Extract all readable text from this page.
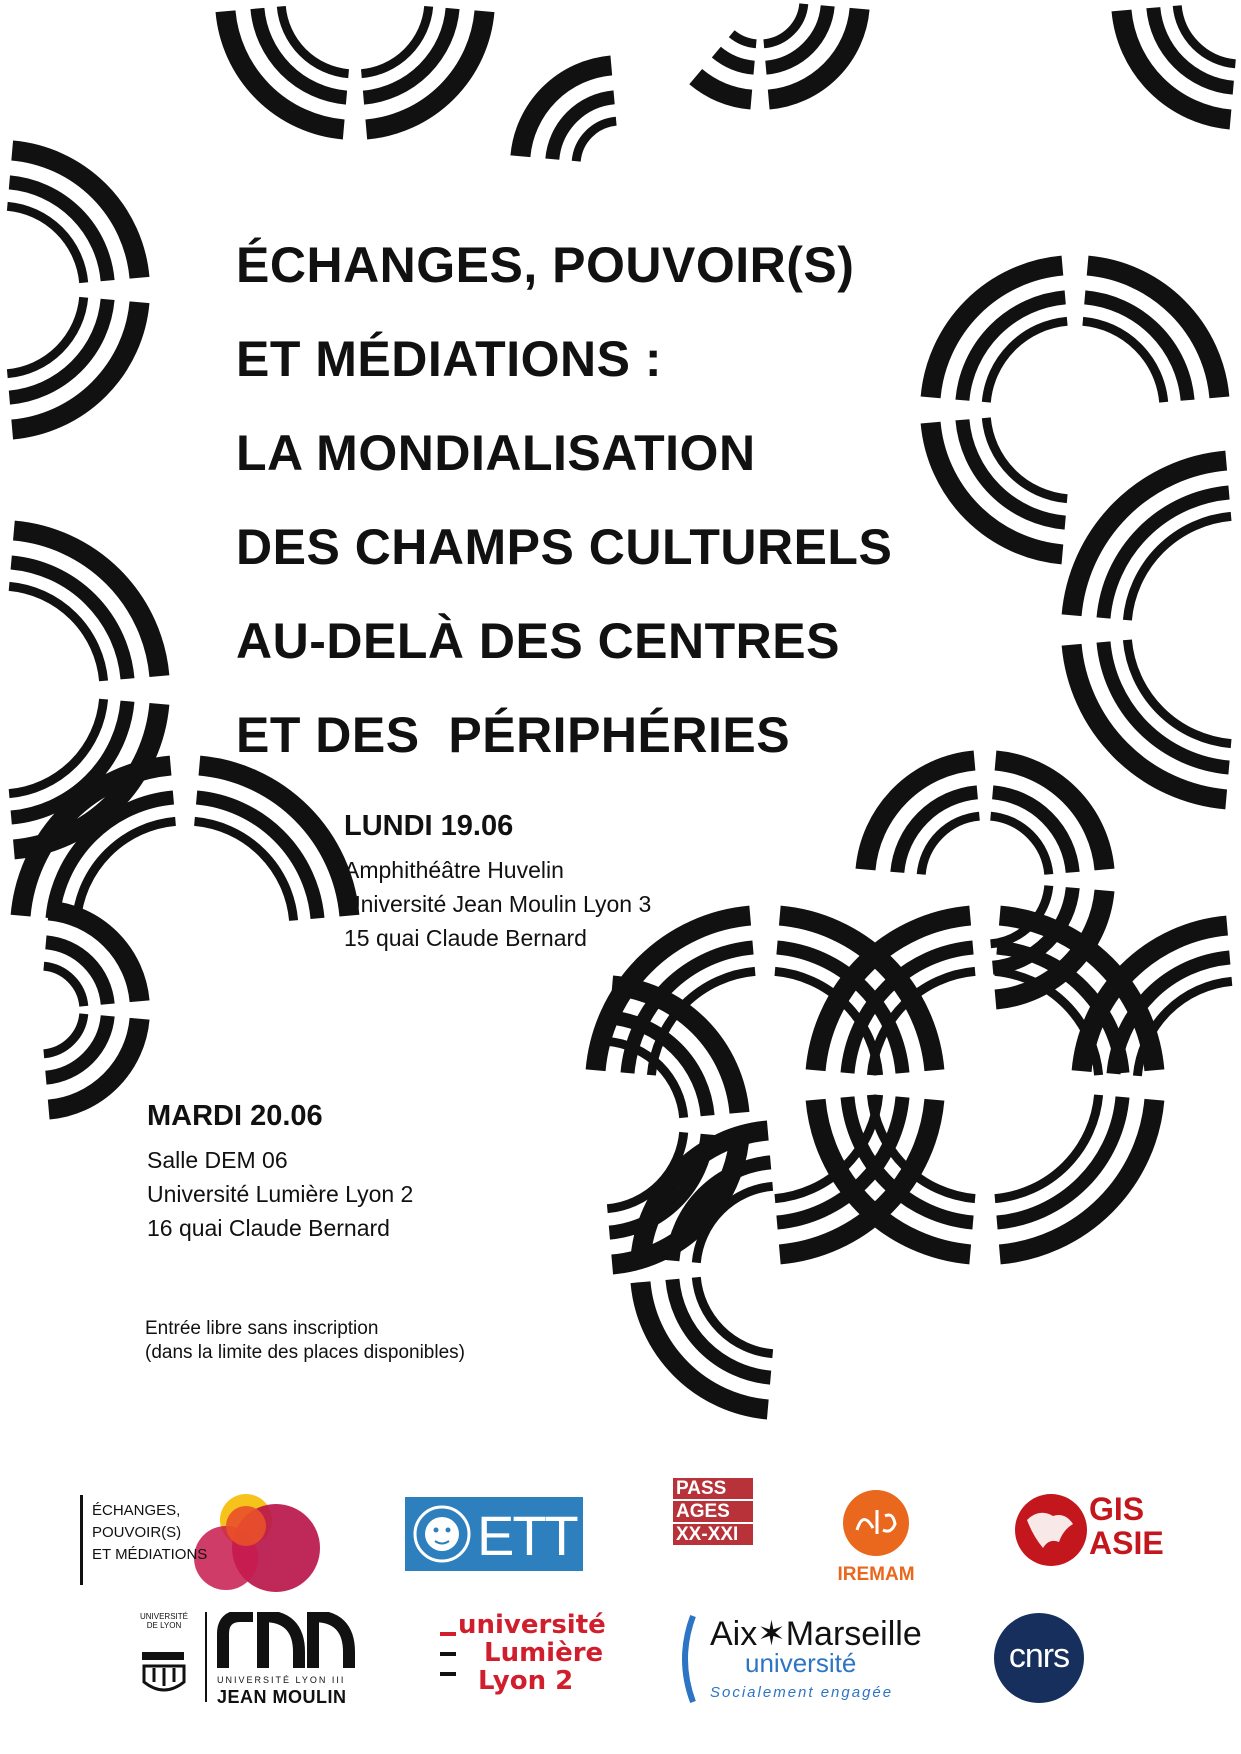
ÉCHANGES, POUVOIR(S)
ET MÉDIATIONS :
LA MONDIALISATION
DES CHAMPS CULTURELS
AU-DELÀ DES CENTRES
ET DES  PÉRIPHÉRIES
LUNDI 19.06
Amphithéâtre Huvelin
Université Jean Moulin Lyon 3
15 quai Claude Bernard
MARDI 20.06
Salle DEM 06
Université Lumière Lyon 2
16 quai Claude Bernard
Entrée libre sans inscription
(dans la limite des places disponibles)
ÉCHANGES,
POUVOIR(S)
ET MÉDIATIONS	ETT
PASS
AGES
XX-XXI
IREMAM
GIS
ASIE
UNIVERSITÉ
DE LYON
UNIVERSITÉ LYON III
JEAN MOULIN
université
Lumière
Lyon 2
Aix✶Marseille
université
Socialement engagée
cnrs
